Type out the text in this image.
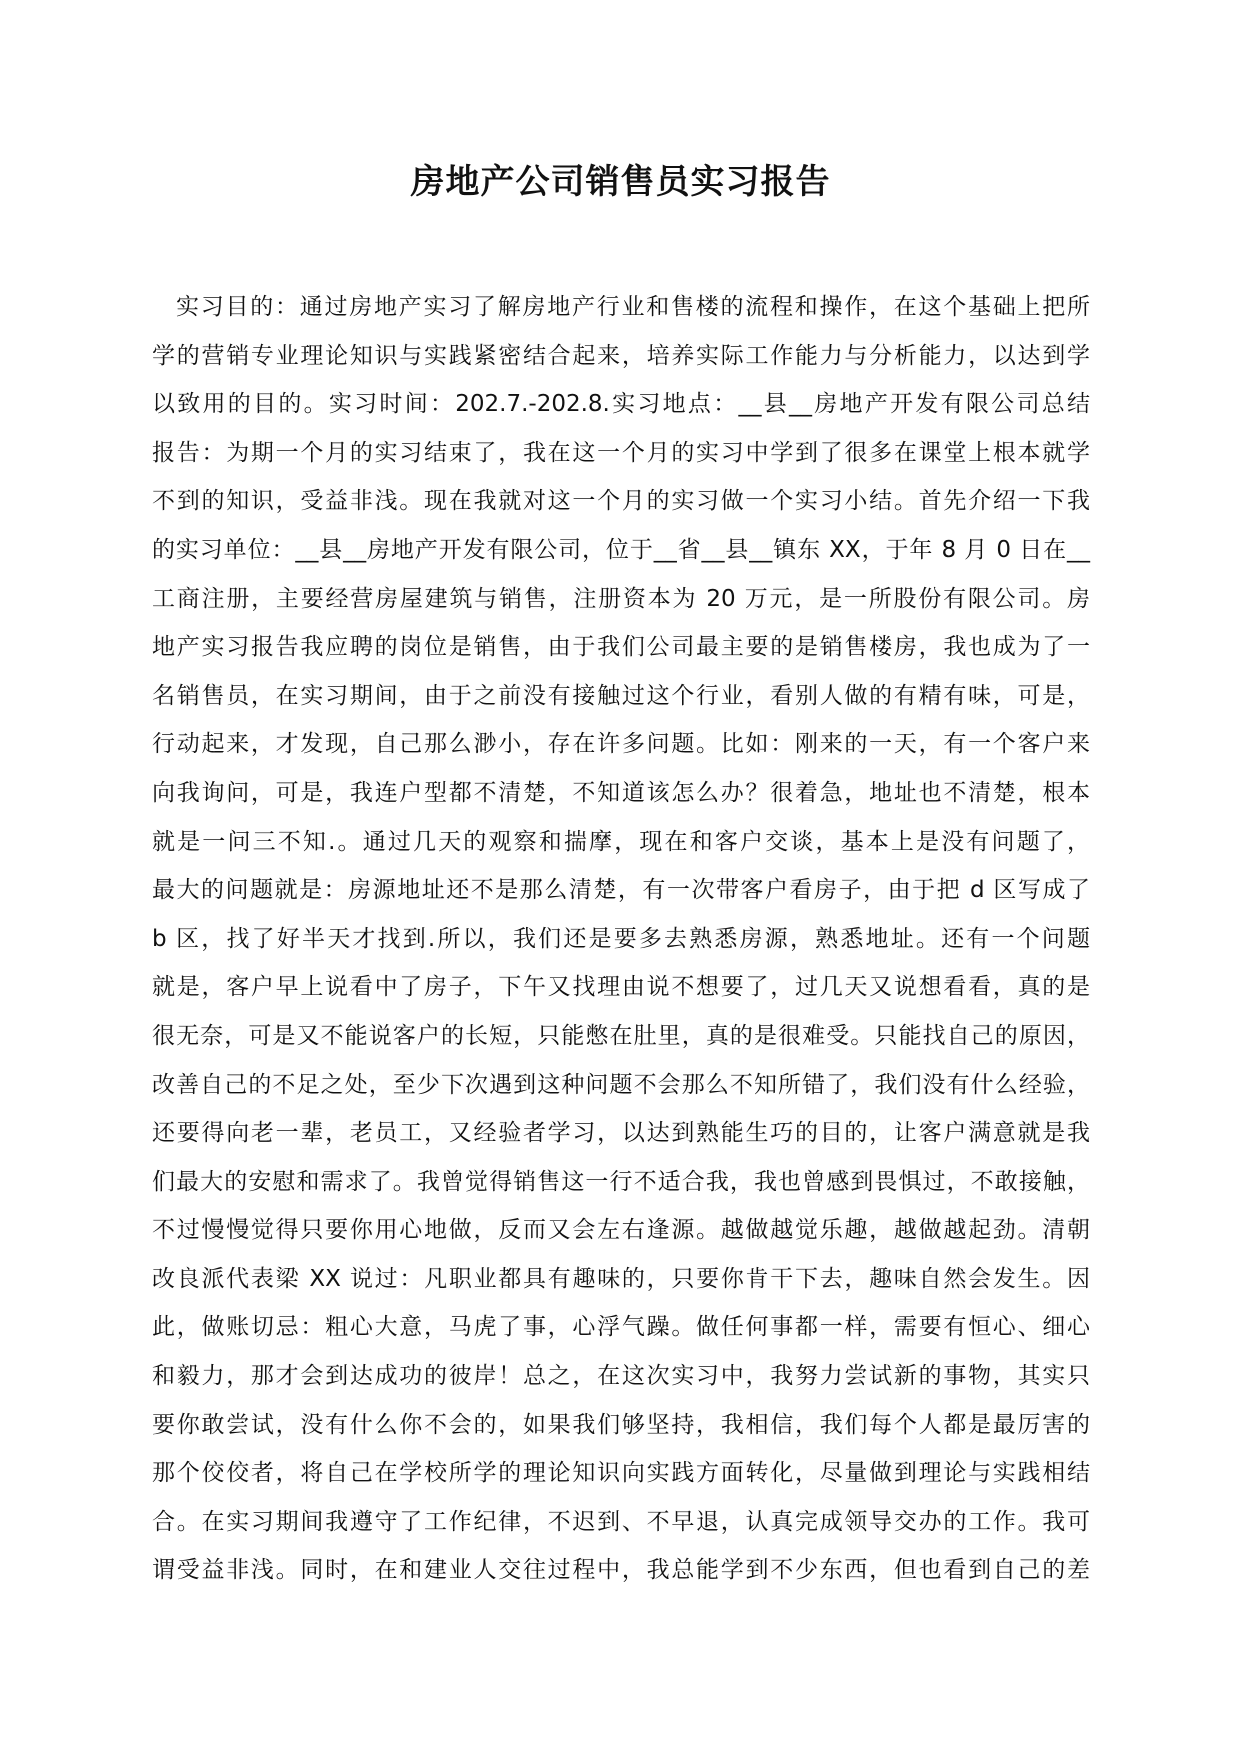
房地产公司销售员实习报告
实习目的：通过房地产实习了解房地产行业和售楼的流程和操作，在这个基础上把所
学的营销专业理论知识与实践紧密结合起来，培养实际工作能力与分析能力，以达到学
以致用的目的。实习时间：202.7.-202.8.实习地点：__县__房地产开发有限公司总结
报告：为期一个月的实习结束了，我在这一个月的实习中学到了很多在课堂上根本就学
不到的知识，受益非浅。现在我就对这一个月的实习做一个实习小结。首先介绍一下我
的实习单位：__县__房地产开发有限公司，位于__省__县__镇东 XX，于年 8 月 0 日在__
工商注册，主要经营房屋建筑与销售，注册资本为 20 万元，是一所股份有限公司。房
地产实习报告我应聘的岗位是销售，由于我们公司最主要的是销售楼房，我也成为了一
名销售员，在实习期间，由于之前没有接触过这个行业，看别人做的有精有味，可是，
行动起来，才发现，自己那么渺小，存在许多问题。比如：刚来的一天，有一个客户来
向我询问，可是，我连户型都不清楚，不知道该怎么办？很着急，地址也不清楚，根本
就是一问三不知.。通过几天的观察和揣摩，现在和客户交谈，基本上是没有问题了，
最大的问题就是：房源地址还不是那么清楚，有一次带客户看房子，由于把 d 区写成了
b 区，找了好半天才找到.所以，我们还是要多去熟悉房源，熟悉地址。还有一个问题
就是，客户早上说看中了房子，下午又找理由说不想要了，过几天又说想看看，真的是
很无奈，可是又不能说客户的长短，只能憋在肚里，真的是很难受。只能找自己的原因，
改善自己的不足之处，至少下次遇到这种问题不会那么不知所错了，我们没有什么经验，
还要得向老一辈，老员工，又经验者学习，以达到熟能生巧的目的，让客户满意就是我
们最大的安慰和需求了。我曾觉得销售这一行不适合我，我也曾感到畏惧过，不敢接触，
不过慢慢觉得只要你用心地做，反而又会左右逢源。越做越觉乐趣，越做越起劲。清朝
改良派代表梁 XX 说过：凡职业都具有趣味的，只要你肯干下去，趣味自然会发生。因
此，做账切忌：粗心大意，马虎了事，心浮气躁。做任何事都一样，需要有恒心、细心
和毅力，那才会到达成功的彼岸！总之，在这次实习中，我努力尝试新的事物，其实只
要你敢尝试，没有什么你不会的，如果我们够坚持，我相信，我们每个人都是最厉害的
那个佼佼者，将自己在学校所学的理论知识向实践方面转化，尽量做到理论与实践相结
合。在实习期间我遵守了工作纪律，不迟到、不早退，认真完成领导交办的工作。我可
谓受益非浅。同时，在和建业人交往过程中，我总能学到不少东西，但也看到自己的差
